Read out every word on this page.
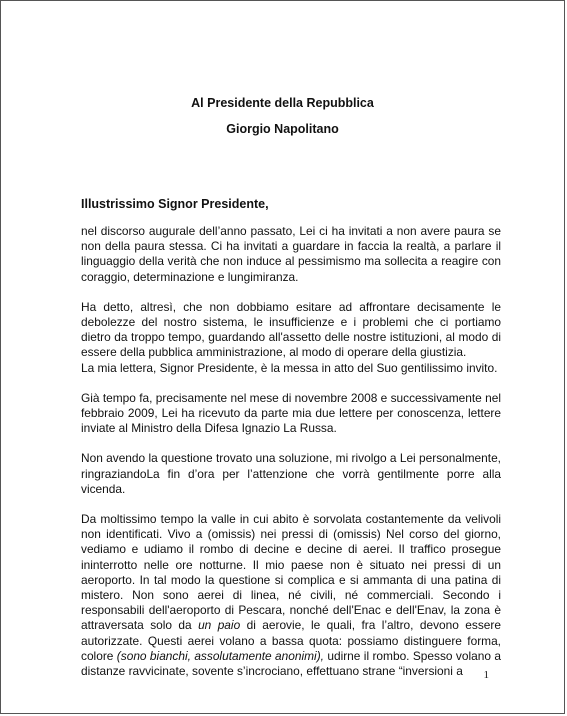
Al Presidente della Repubblica
Giorgio Napolitano
Illustrissimo Signor Presidente,

nel discorso augurale dell’anno passato, Lei ci ha invitati a non avere paura se non della paura stessa. Ci ha invitati a guardare in faccia la realtà, a parlare il linguaggio della verità che non induce al pessimismo ma sollecita a reagire con coraggio, determinazione e lungimiranza.

Ha detto, altresì, che non dobbiamo esitare ad affrontare decisamente le debolezze del nostro sistema, le insufficienze e i problemi che ci portiamo dietro da troppo tempo, guardando all'assetto delle nostre istituzioni, al modo di essere della pubblica amministrazione, al modo di operare della giustizia.

La mia lettera, Signor Presidente, è la messa in atto del Suo gentilissimo invito.

Già tempo fa, precisamente nel mese di novembre 2008 e successivamente nel febbraio 2009, Lei ha ricevuto da parte mia due lettere per conoscenza, lettere inviate al Ministro della Difesa Ignazio La Russa.

Non avendo la questione trovato una soluzione, mi rivolgo a Lei personalmente, ringraziandoLa fin d’ora per l’attenzione che vorrà gentilmente porre alla vicenda.

Da moltissimo tempo la valle in cui abito è sorvolata costantemente da velivoli non identificati. Vivo a (omissis) nei pressi di (omissis) Nel corso del giorno, vediamo e udiamo il rombo di decine e decine di aerei. Il traffico prosegue ininterrotto nelle ore notturne. Il mio paese non è situato nei pressi di un aeroporto. In tal modo la questione si complica e si ammanta di una patina di mistero. Non sono aerei di linea, né civili, né commerciali. Secondo i responsabili dell'aeroporto di Pescara, nonché dell'Enac e dell'Enav, la zona è attraversata solo da un paio di aerovie, le quali, fra l’altro, devono essere autorizzate. Questi aerei volano a bassa quota: possiamo distinguere forma, colore (sono bianchi, assolutamente anonimi), udirne il rombo. Spesso volano a distanze ravvicinate, sovente s’incrociano, effettuano strane “inversioni a	1
